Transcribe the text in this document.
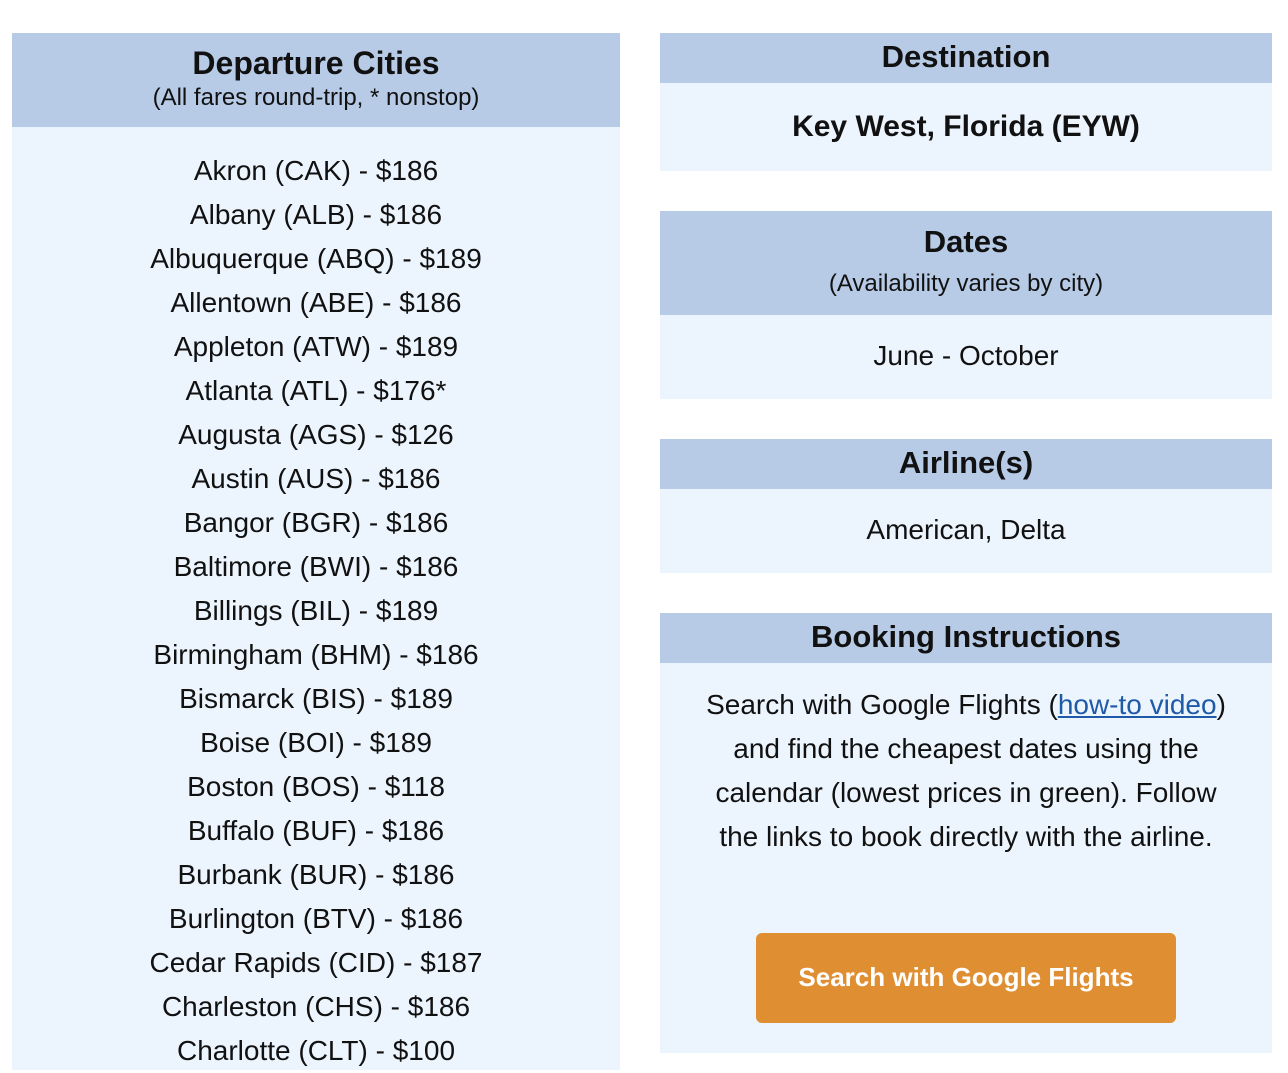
Departure Cities
(All fares round-trip, * nonstop)
Akron (CAK) - $186
Albany (ALB) - $186
Albuquerque (ABQ) - $189
Allentown (ABE) - $186
Appleton (ATW) - $189
Atlanta (ATL) - $176*
Augusta (AGS) - $126
Austin (AUS) - $186
Bangor (BGR) - $186
Baltimore (BWI) - $186
Billings (BIL) - $189
Birmingham (BHM) - $186
Bismarck (BIS) - $189
Boise (BOI) - $189
Boston (BOS) - $118
Buffalo (BUF) - $186
Burbank (BUR) - $186
Burlington (BTV) - $186
Cedar Rapids (CID) - $187
Charleston (CHS) - $186
Charlotte (CLT) - $100
Destination
Key West, Florida (EYW)
Dates
(Availability varies by city)
June - October
Airline(s)
American, Delta
Booking Instructions
Search with Google Flights (how-to video) and find the cheapest dates using the calendar (lowest prices in green). Follow the links to book directly with the airline.
Search with Google Flights
